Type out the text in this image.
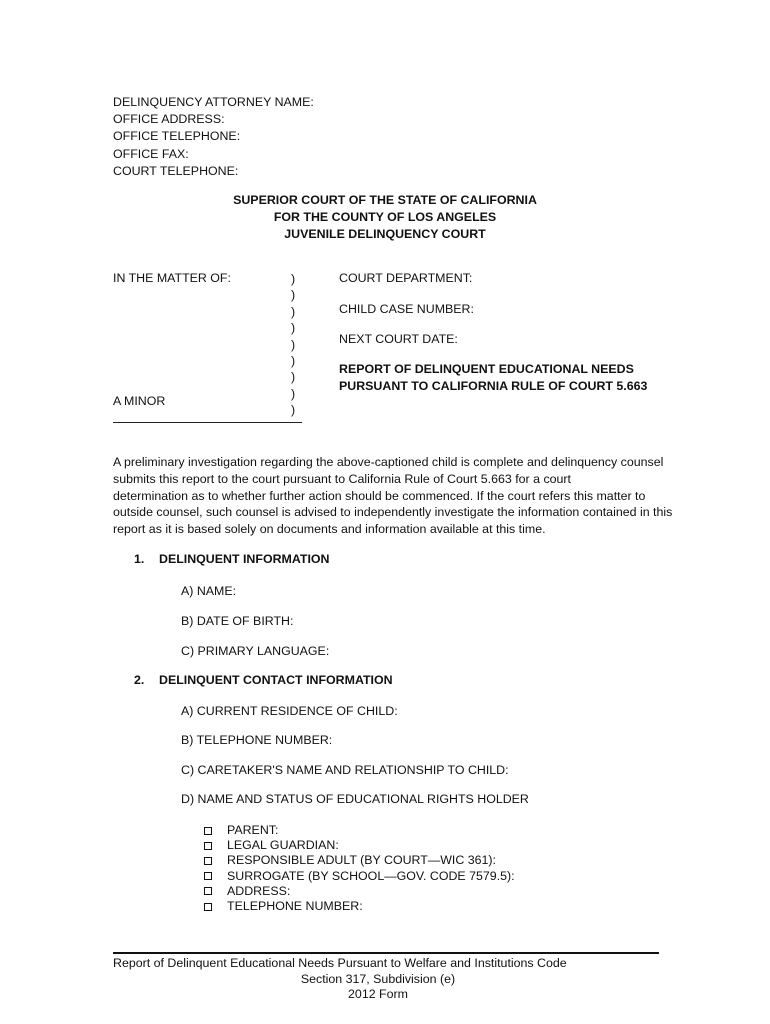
DELINQUENCY ATTORNEY NAME:
OFFICE ADDRESS:
OFFICE TELEPHONE:
OFFICE FAX:
COURT TELEPHONE:
SUPERIOR COURT OF THE STATE OF CALIFORNIA
FOR THE COUNTY OF LOS ANGELES
JUVENILE DELINQUENCY COURT
IN THE MATTER OF:
A MINOR
)
)
)
)
)
)
)
)
)
COURT DEPARTMENT:
CHILD CASE NUMBER:
NEXT COURT DATE:
REPORT OF DELINQUENT EDUCATIONAL NEEDS
PURSUANT TO CALIFORNIA RULE OF COURT 5.663
A preliminary investigation regarding the above-captioned child is complete and delinquency counsel
submits this report to the court pursuant to California Rule of Court 5.663 for a court
determination as to whether further action should be commenced. If the court refers this matter to
outside counsel, such counsel is advised to independently investigate the information contained in this
report as it is based solely on documents and information available at this time.
1. DELINQUENT INFORMATION
A) NAME:
B) DATE OF BIRTH:
C) PRIMARY LANGUAGE:
2. DELINQUENT CONTACT INFORMATION
A) CURRENT RESIDENCE OF CHILD:
B) TELEPHONE NUMBER:
C) CARETAKER'S NAME AND RELATIONSHIP TO CHILD:
D) NAME AND STATUS OF EDUCATIONAL RIGHTS HOLDER
PARENT:
LEGAL GUARDIAN:
RESPONSIBLE ADULT (BY COURT—WIC 361):
SURROGATE (BY SCHOOL—GOV. CODE 7579.5):
ADDRESS:
TELEPHONE NUMBER:
Report of Delinquent Educational Needs Pursuant to Welfare and Institutions Code
Section 317, Subdivision (e)
2012 Form
